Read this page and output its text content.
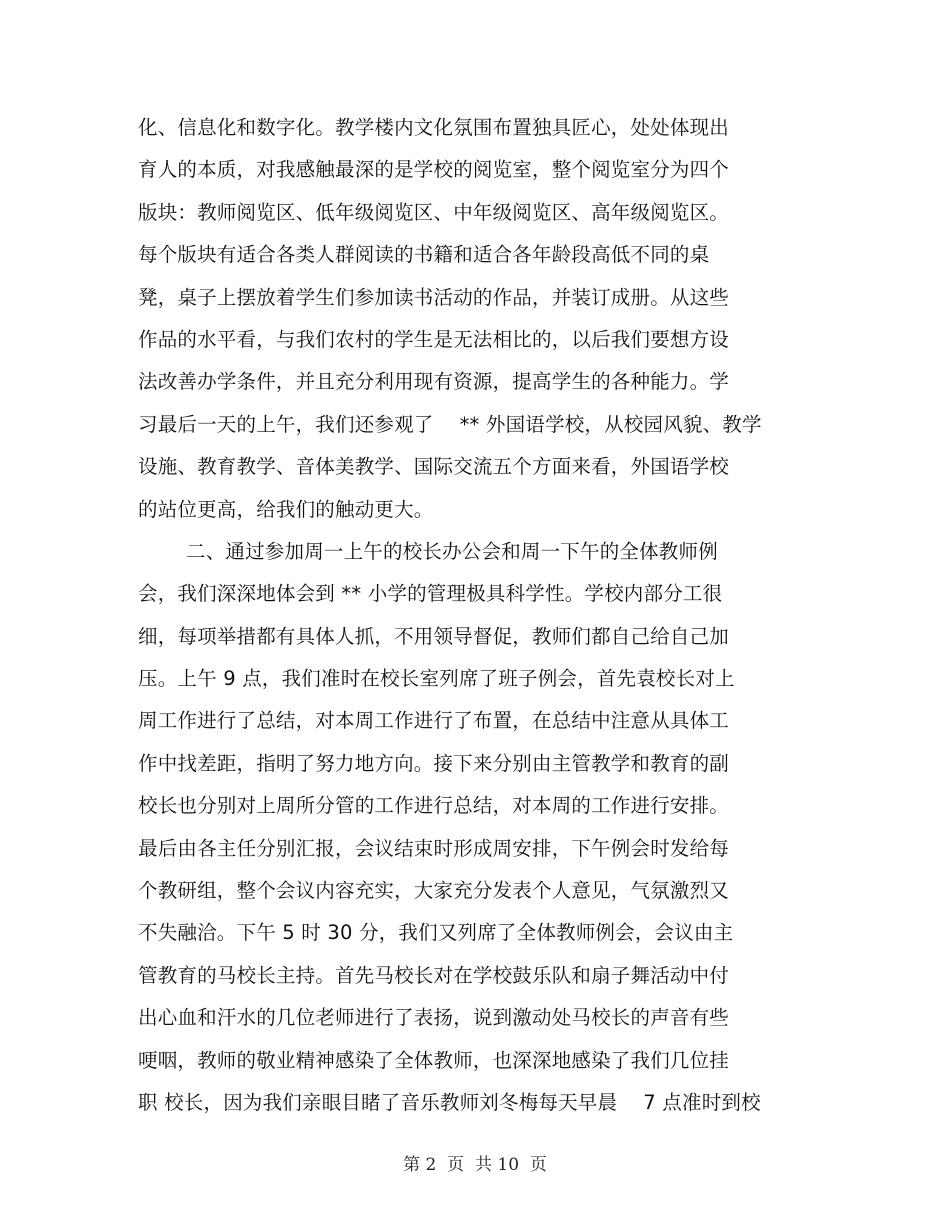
化、信息化和数字化。教学楼内文化氛围布置独具匠心，处处体现出
育人的本质，对我感触最深的是学校的阅览室，整个阅览室分为四个
版块：教师阅览区、低年级阅览区、中年级阅览区、高年级阅览区。
每个版块有适合各类人群阅读的书籍和适合各年龄段高低不同的桌
凳，桌子上摆放着学生们参加读书活动的作品，并装订成册。从这些
作品的水平看，与我们农村的学生是无法相比的，以后我们要想方设
法改善办学条件，并且充分利用现有资源，提高学生的各种能力。学
习最后一天的上午，我们还参观了　 ** 外国语学校，从校园风貌、教学
设施、教育教学、音体美教学、国际交流五个方面来看，外国语学校
的站位更高，给我们的触动更大。
二、通过参加周一上午的校长办公会和周一下午的全体教师例
会，我们深深地体会到 ** 小学的管理极具科学性。学校内部分工很
细，每项举措都有具体人抓，不用领导督促，教师们都自己给自己加
压。上午 9 点，我们准时在校长室列席了班子例会，首先袁校长对上
周工作进行了总结，对本周工作进行了布置，在总结中注意从具体工
作中找差距，指明了努力地方向。接下来分别由主管教学和教育的副
校长也分别对上周所分管的工作进行总结，对本周的工作进行安排。
最后由各主任分别汇报，会议结束时形成周安排，下午例会时发给每
个教研组，整个会议内容充实，大家充分发表个人意见，气氛激烈又
不失融洽。下午 5 时 30 分，我们又列席了全体教师例会，会议由主
管教育的马校长主持。首先马校长对在学校鼓乐队和扇子舞活动中付
出心血和汗水的几位老师进行了表扬，说到激动处马校长的声音有些
哽咽，教师的敬业精神感染了全体教师，也深深地感染了我们几位挂
职 校长，因为我们亲眼目睹了音乐教师刘冬梅每天早晨　 7 点准时到校
第 2  页  共 10  页
